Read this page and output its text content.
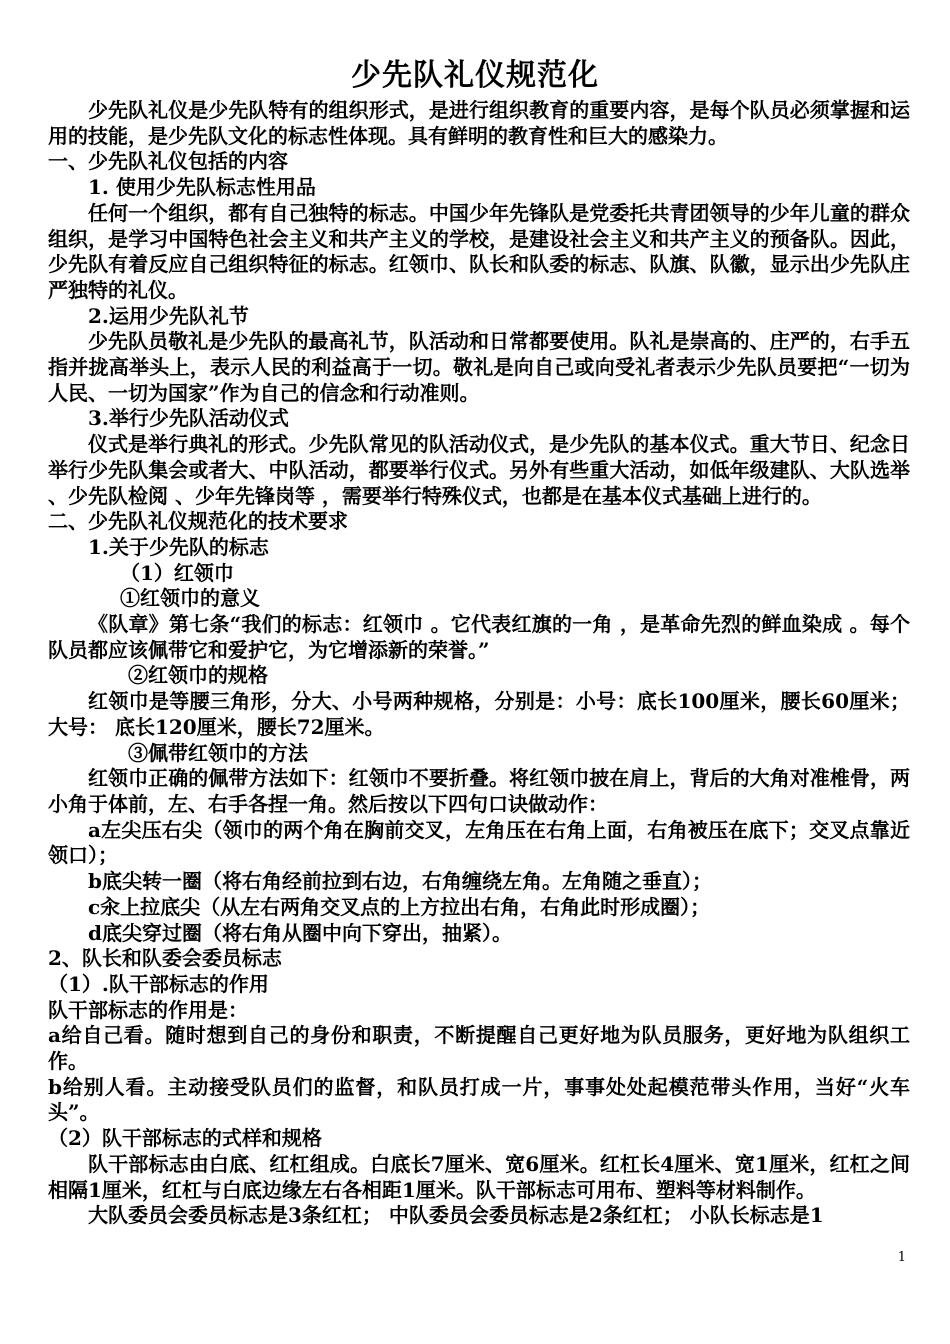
少先队礼仪规范化

少先队礼仪是少先队特有的组织形式，是进行组织教育的重要内容，是每个队员必须掌握和运用的技能，是少先队文化的标志性体现。具有鲜明的教育性和巨大的感染力。

一、少先队礼仪包括的内容

1. 使用少先队标志性用品

任何一个组织，都有自己独特的标志。中国少年先锋队是党委托共青团领导的少年儿童的群众组织，是学习中国特色社会主义和共产主义的学校，是建设社会主义和共产主义的预备队。因此，少先队有着反应自己组织特征的标志。红领巾、队长和队委的标志、队旗、队徽，显示出少先队庄严独特的礼仪。

2.运用少先队礼节

少先队员敬礼是少先队的最高礼节，队活动和日常都要使用。队礼是崇高的、庄严的，右手五指并拢高举头上，表示人民的利益高于一切。敬礼是向自己或向受礼者表示少先队员要把“一切为人民、一切为国家”作为自己的信念和行动准则。

3.举行少先队活动仪式

仪式是举行典礼的形式。少先队常见的队活动仪式，是少先队的基本仪式。重大节日、纪念日举行少先队集会或者大、中队活动，都要举行仪式。另外有些重大活动，如低年级建队、大队选举 、少先队检阅 、少年先锋岗等 ，需要举行特殊仪式，也都是在基本仪式基础上进行的。

二、少先队礼仪规范化的技术要求

1.关于少先队的标志

（1）红领巾

①红领巾的意义

《队章》第七条“我们的标志：红领巾 。它代表红旗的一角 ，是革命先烈的鲜血染成 。每个队员都应该佩带它和爱护它，为它增添新的荣誉。”

②红领巾的规格

红领巾是等腰三角形，分大、小号两种规格，分别是：小号：底长100厘米，腰长60厘米； 大号： 底长120厘米，腰长72厘米。

③佩带红领巾的方法

红领巾正确的佩带方法如下：红领巾不要折叠。将红领巾披在肩上，背后的大角对准椎骨，两小角于体前，左、右手各捏一角。然后按以下四句口诀做动作：

a左尖压右尖（领巾的两个角在胸前交叉，左角压在右角上面，右角被压在底下；交叉点靠近领口）；

b底尖转一圈（将右角经前拉到右边，右角缠绕左角。左角随之垂直）；

c汆上拉底尖（从左右两角交叉点的上方拉出右角，右角此时形成圈）；

d底尖穿过圈（将右角从圈中向下穿出，抽紧）。

2、队长和队委会委员标志

（1）.队干部标志的作用

队干部标志的作用是：

a给自己看。随时想到自己的身份和职责，不断提醒自己更好地为队员服务，更好地为队组织工作。

b给别人看。主动接受队员们的监督，和队员打成一片，事事处处起模范带头作用，当好“火车头”。

（2）队干部标志的式样和规格

队干部标志由白底、红杠组成。白底长7厘米、宽6厘米。红杠长4厘米、宽1厘米，红杠之间相隔1厘米，红杠与白底边缘左右各相距1厘米。队干部标志可用布、塑料等材料制作。

大队委员会委员标志是3条红杠； 中队委员会委员标志是2条红杠； 小队长标志是1

1
